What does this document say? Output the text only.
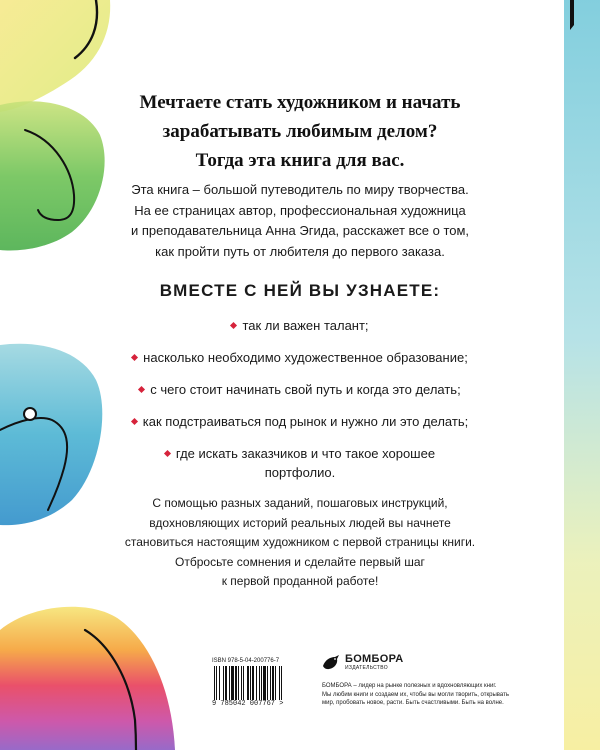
Мечтаете стать художником и начать
зарабатывать любимым делом?
Тогда эта книга для вас.
Эта книга – большой путеводитель по миру творчества.
На ее страницах автор, профессиональная художница
и преподавательница Анна Эгида, расскажет все о том,
как пройти путь от любителя до первого заказа.
ВМЕСТЕ С НЕЙ ВЫ УЗНАЕТЕ:
так ли важен талант;
насколько необходимо художественное образование;
с чего стоит начинать свой путь и когда это делать;
как подстраиваться под рынок и нужно ли это делать;
где искать заказчиков и что такое хорошее
портфолио.
С помощью разных заданий, пошаговых инструкций,
вдохновляющих историй реальных людей вы начнете
становиться настоящим художником с первой страницы книги.
Отбросьте сомнения и сделайте первый шаг
к первой проданной работе!
ISBN 978-5-04-200776-7
9 785042 007767 >
БОМБОРА
ИЗДАТЕЛЬСТВО
БОМБОРА – лидер на рынке полезных и вдохновляющих книг.
Мы любим книги и создаем их, чтобы вы могли творить, открывать
мир, пробовать новое, расти. Быть счастливыми. Быть на волне.
